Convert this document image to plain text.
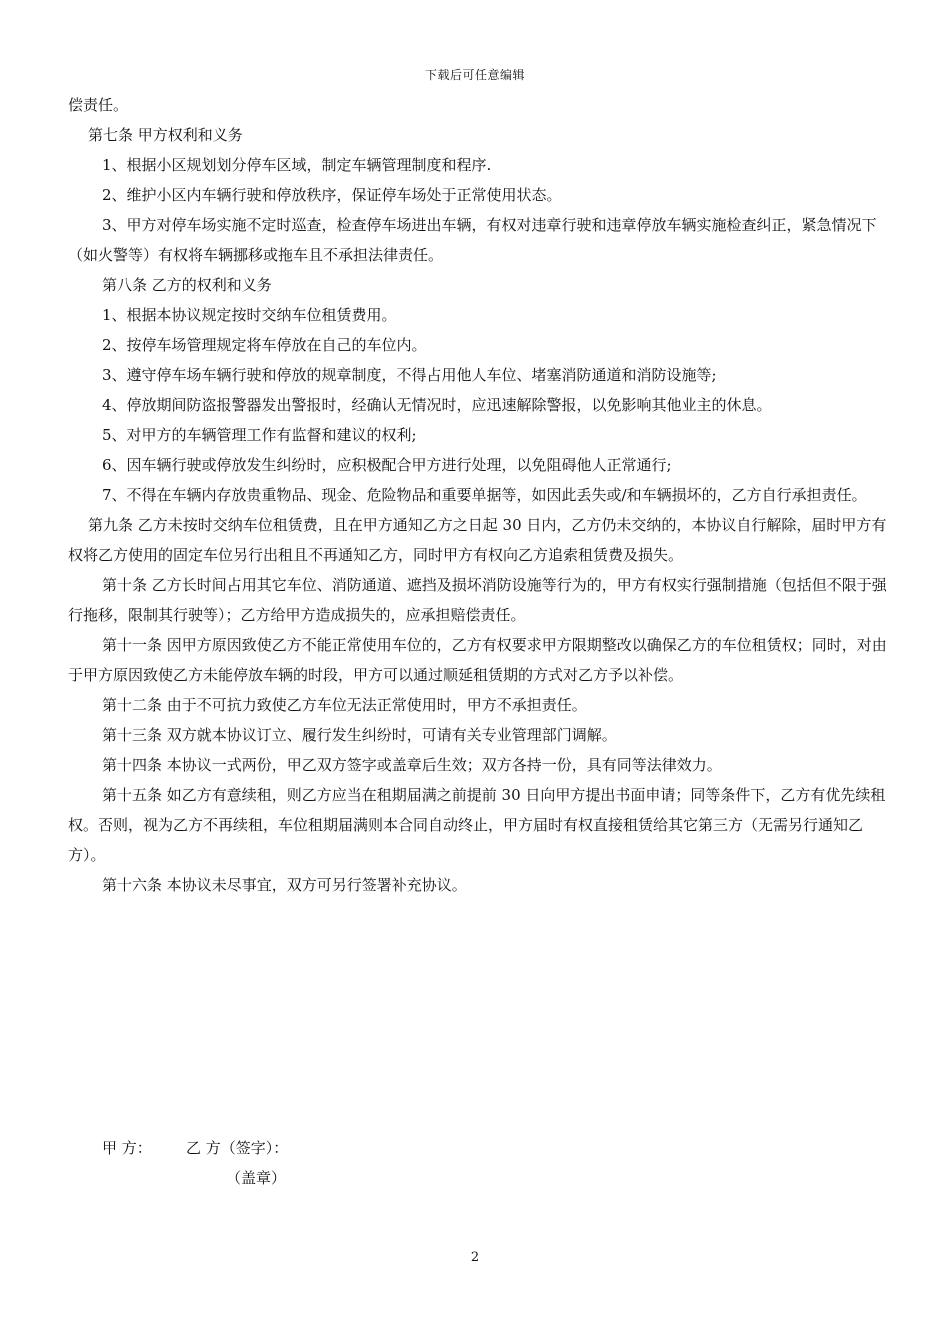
下载后可任意编辑

偿责任。

第七条 甲方权利和义务

1、根据小区规划划分停车区域，制定车辆管理制度和程序.

2、维护小区内车辆行驶和停放秩序，保证停车场处于正常使用状态。

3、甲方对停车场实施不定时巡查，检查停车场进出车辆，有权对违章行驶和违章停放车辆实施检查纠正，紧急情况下（如火警等）有权将车辆挪移或拖车且不承担法律责任。

第八条 乙方的权利和义务

1、根据本协议规定按时交纳车位租赁费用。

2、按停车场管理规定将车停放在自己的车位内。

3、遵守停车场车辆行驶和停放的规章制度，不得占用他人车位、堵塞消防通道和消防设施等;

4、停放期间防盗报警器发出警报时，经确认无情况时，应迅速解除警报，以免影响其他业主的休息。

5、对甲方的车辆管理工作有监督和建议的权利;

6、因车辆行驶或停放发生纠纷时，应积极配合甲方进行处理，以免阻碍他人正常通行;

7、不得在车辆内存放贵重物品、现金、危险物品和重要单据等，如因此丢失或/和车辆损坏的，乙方自行承担责任。

第九条 乙方未按时交纳车位租赁费，且在甲方通知乙方之日起 30 日内，乙方仍未交纳的，本协议自行解除，届时甲方有权将乙方使用的固定车位另行出租且不再通知乙方，同时甲方有权向乙方追索租赁费及损失。

第十条 乙方长时间占用其它车位、消防通道、遮挡及损坏消防设施等行为的，甲方有权实行强制措施（包括但不限于强行拖移，限制其行驶等）；乙方给甲方造成损失的，应承担赔偿责任。

第十一条 因甲方原因致使乙方不能正常使用车位的，乙方有权要求甲方限期整改以确保乙方的车位租赁权；同时，对由于甲方原因致使乙方未能停放车辆的时段，甲方可以通过顺延租赁期的方式对乙方予以补偿。

第十二条 由于不可抗力致使乙方车位无法正常使用时，甲方不承担责任。

第十三条 双方就本协议订立、履行发生纠纷时，可请有关专业管理部门调解。

第十四条 本协议一式两份，甲乙双方签字或盖章后生效；双方各持一份，具有同等法律效力。

第十五条 如乙方有意续租，则乙方应当在租期届满之前提前 30 日向甲方提出书面申请；同等条件下，乙方有优先续租权。否则，视为乙方不再续租，车位租期届满则本合同自动终止，甲方届时有权直接租赁给其它第三方（无需另行通知乙方）。

第十六条 本协议未尽事宜，双方可另行签署补充协议。

甲 方： 乙 方（签字）：
（盖章）
2
